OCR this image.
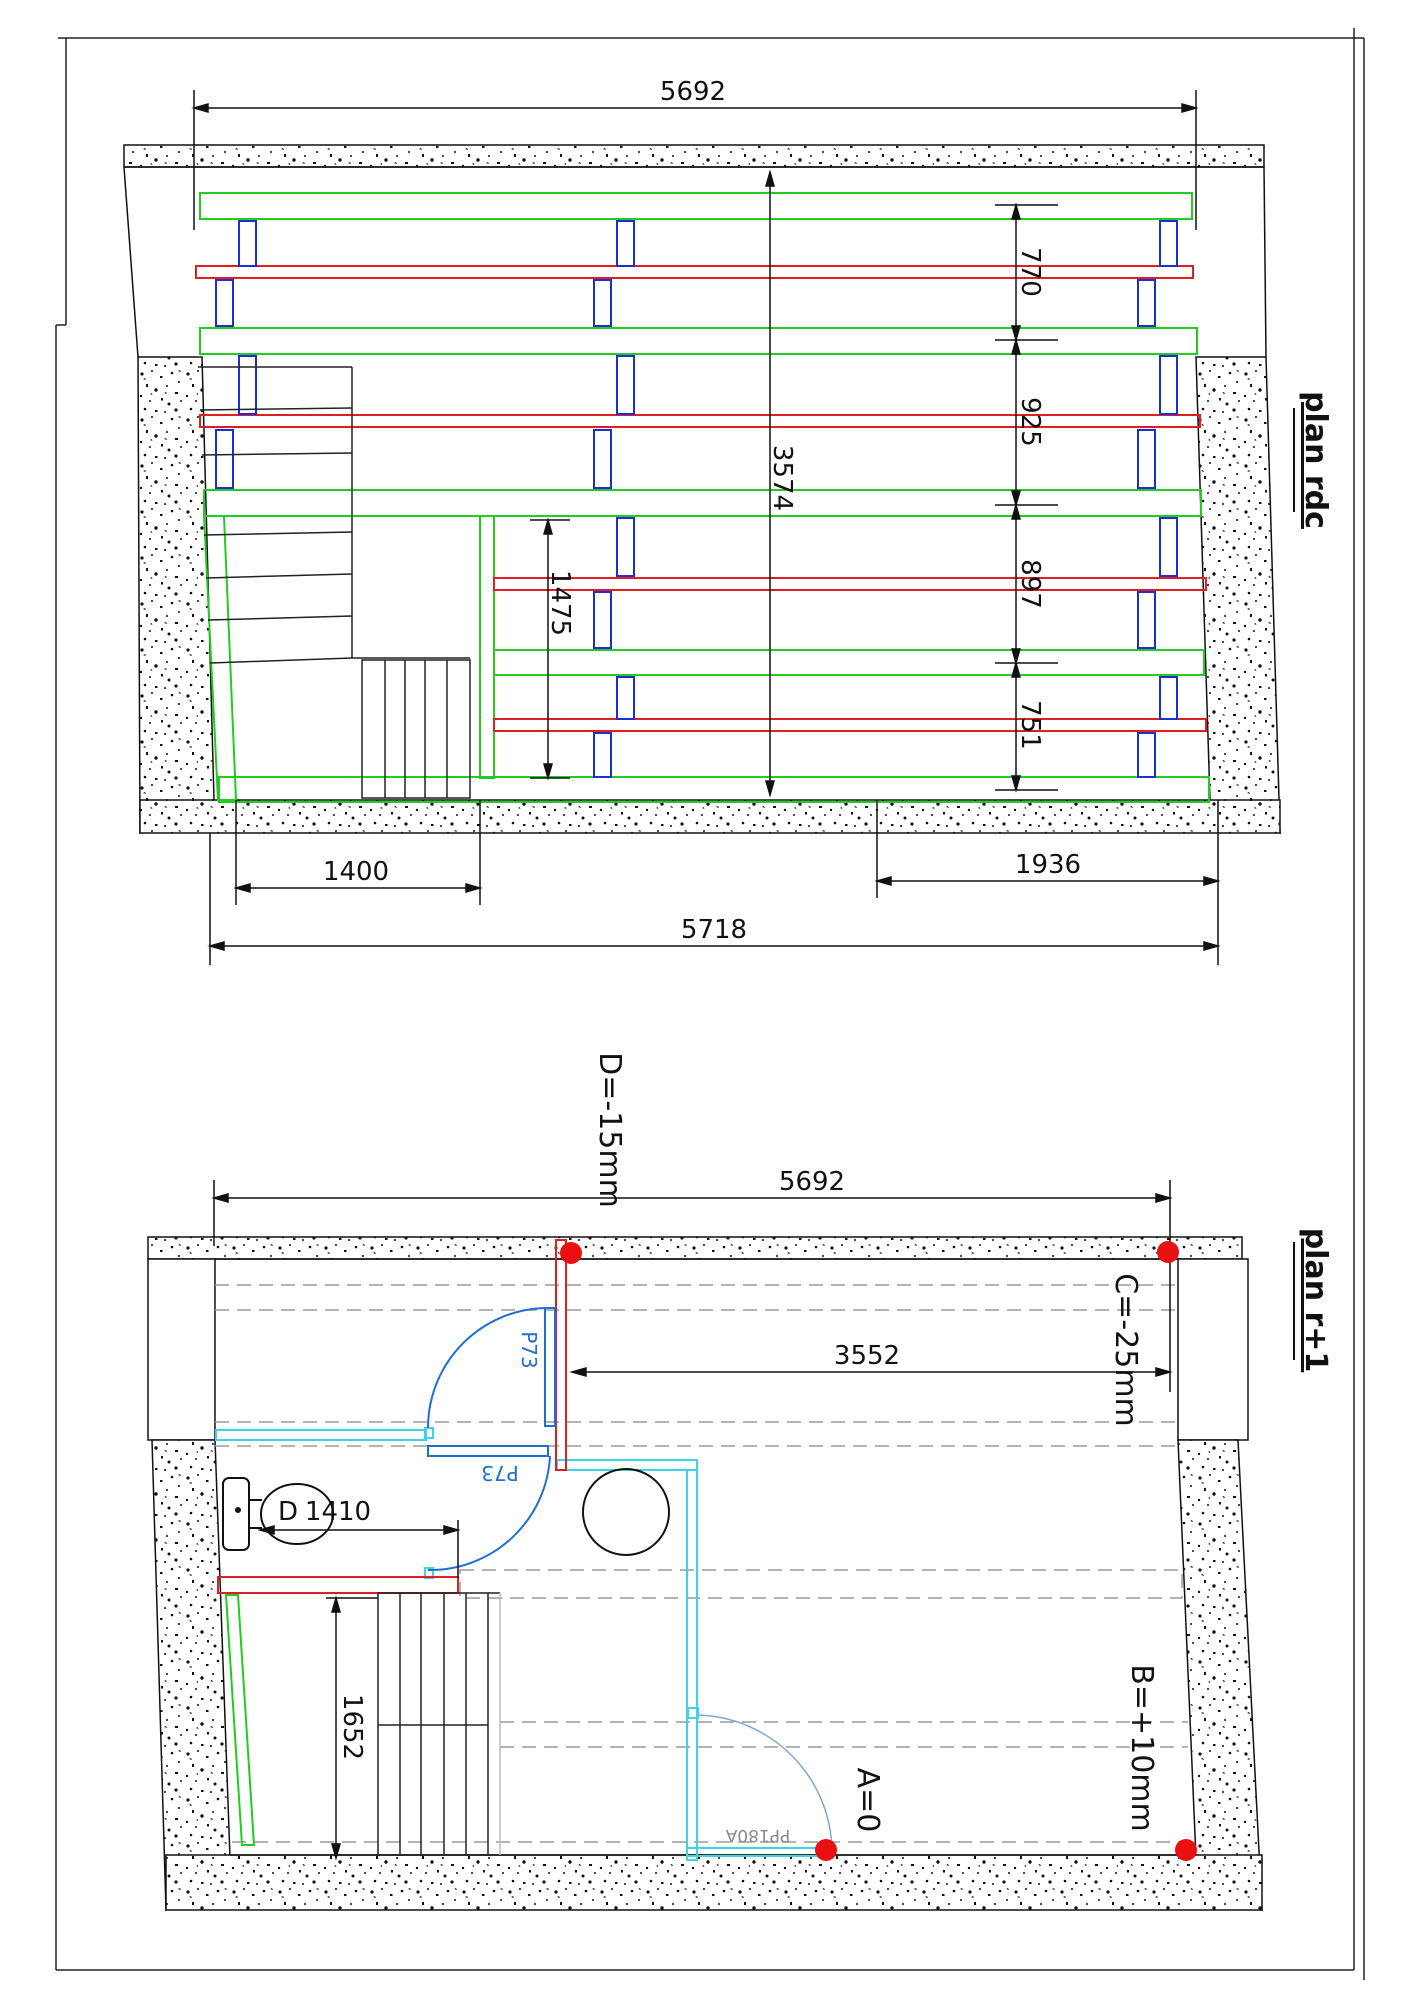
5692
3574
770
925
897
751
1475
1400	1936
5718
plan rdc
5692
3552
1410
1652
D
P73
P73
PP180A
A=0	B=+10mm
C=-25mm
D=-15mm
plan r+1
